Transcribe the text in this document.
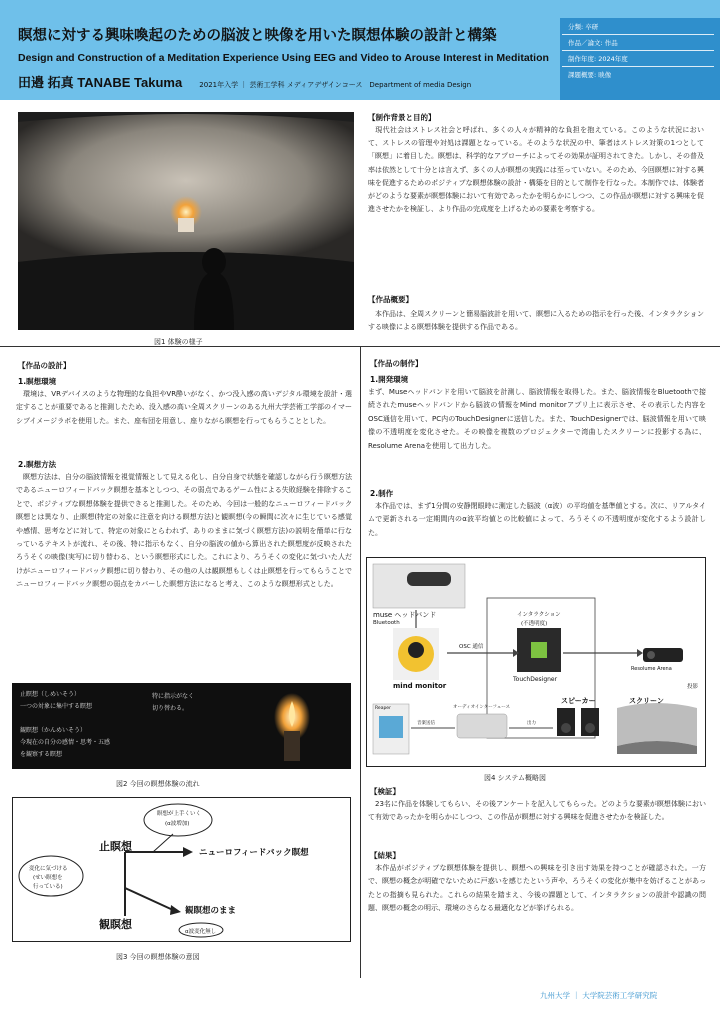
瞑想に対する興味喚起のための脳波と映像を用いた瞑想体験の設計と構築
Design and Construction of a Meditation Experience Using EEG and Video to Arouse Interest in Meditation
田邉 拓真 TANABE Takuma 2021年入学 ｜ 芸術工学科 メディアデザインコース　Department of media Design
分類: 卒研
作品／論文: 作品
制作年度: 2024年度
課題概要: 映像
図1 体験の様子
【制作背景と目的】
　現代社会はストレス社会と呼ばれ、多くの人々が精神的な負担を抱えている。このような状況において、ストレスの管理や対処は課題となっている。そのような状況の中、筆者はストレス対策の1つとして「瞑想」に着目した。瞑想は、科学的なアプローチによってその効果が証明されてきた。しかし、その普及率は依然として十分とは言えず、多くの人が瞑想の実践には至っていない。そのため、今回瞑想に対する興味を促進するためのポジティブな瞑想体験の設計・構築を目的として制作を行なった。本制作では、体験者がどのような要素が瞑想体験において有効であったかを明らかにしつつ、この作品が瞑想に対する興味を促進させたかを検証し、より作品の完成度を上げるための要素を考察する。
【作品概要】
　本作品は、全周スクリーンと簡易脳波計を用いて、瞑想に入るための指示を行った後、インタラクションする映像による瞑想体験を提供する作品である。
【作品の設計】
1.瞑想環境
　環境は、VRデバイスのような物理的な負担やVR酔いがなく、かつ没入感の高いデジタル環境を設計・選定することが重要であると推測したため、没入感の高い全周スクリーンのある九州大学芸術工学部のイマーシブイメージラボを使用した。また、座布団を用意し、座りながら瞑想を行ってもらうこととした。
2.瞑想方法
　瞑想方法は、自分の脳波情報を視覚情報として見える化し、自分自身で状態を確認しながら行う瞑想方法であるニューロフィードバック瞑想を基本としつつ、その弱点であるゲーム性による失敗経験を排除することで、ポジティブな瞑想体験を提供できると推測した。そのため、今回は一般的なニューロフィードバック瞑想とは異なり、止瞑想(特定の対象に注意を向ける瞑想方法)と観瞑想(今の瞬間に次々に生じている感覚や感情、思考などに対して、特定の対象にとらわれず、ありのままに気づく瞑想方法)の説明を簡単に行なっているテキストが流れ、その後、特に指示もなく、自分の脳波の値から算出された瞑想度が反映されたろうそくの映像(実写)に切り替わる、という瞑想形式にした。これにより、ろうそくの変化に気づいた人だけがニューロフィードバック瞑想に切り替わり、その他の人は観瞑想もしくは止瞑想を行ってもらうことでニューロフィードバック瞑想の弱点をカバーした瞑想方法になると考え、このような瞑想形式とした。
止瞑想（しめいそう）
一つの対象に集中する瞑想
観瞑想（かんめいそう）
今現在の自分の感情・思考・五感
を観察する瞑想
特に指示がなく
切り替わる。
図2 今回の瞑想体験の流れ
瞑想が上手くいく
(α波増加)
変化に気づける
(せい瞑想を
行っている)
止瞑想
観瞑想
ニューロフィードバック瞑想
観瞑想のまま
α波変化無し
図3 今回の瞑想体験の意図
【作品の制作】
1.開発環境
まず、Museヘッドバンドを用いて脳波を計測し、脳波情報を取得した。また、脳波情報をBluetoothで接続されたmuseヘッドバンドから脳波の情報をMind monitorアプリ上に表示させ、その表示した内容をOSC通信を用いて、PC内のTouchDesignerに送信した。また、TouchDesignerでは、脳波情報を用いて映像の不透明度を変化させた。その映像を複数のプロジェクターで湾曲したスクリーンに投影する為に、Resolume Arenaを使用して出力した。
2.制作
　本作品では、まず1分間の安静閉眼時に測定した脳波（α波）の平均値を基準値とする。次に、リアルタイムで更新される一定期間内のα波平均値との比較値によって、ろうそくの不透明度が変化するよう設計した。
muse ヘッドバンド
Bluetooth
OSC 通信
mind monitor
インタラクション
(不透明度)
TouchDesigner
Resolume Arena
投影
スピーカー	スクリーン
Reaper	オーディオインターフェース
音楽送信	出力
図4 システム概略図
【検証】
　23名に作品を体験してもらい、その後アンケートを記入してもらった。どのような要素が瞑想体験において有効であったかを明らかにしつつ、この作品が瞑想に対する興味を促進させたかを検証した。
【結果】
　本作品がポジティブな瞑想体験を提供し、瞑想への興味を引き出す効果を持つことが確認された。一方で、瞑想の概念が明確でないために戸惑いを感じたという声や、ろうそくの変化が集中を妨げることがあったとの指摘も見られた。これらの結果を踏まえ、今後の課題として、インタラクションの設計や認識の問題、瞑想の概念の明示、環境のさらなる最適化などが挙げられる。
九州大学 ｜ 大学院芸術工学研究院
